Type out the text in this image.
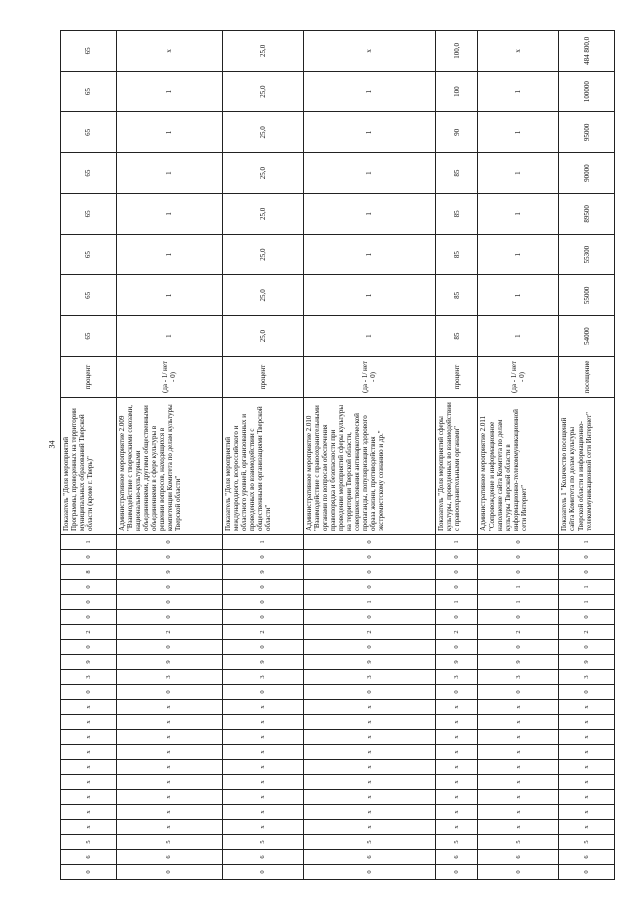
34
0	6	5	x	x	x	x	x	x	x	x	x	0	3	9	0	2	0	0	0	8	0	1	Показатель "Доля мероприятий Программы, проведенных на территории муниципальных образований Тверской области (кроме г. Тверь)"	процент	65	65	65	65	65	65	65	65
0	6	5	x	x	x	x	x	x	x	x	x	0	3	9	0	2	0	0	0	9	0	0	Административное мероприятие 2.009 "Взаимодействие с творческими союзами, национально-культурными объединениями, другими общественными объединениями в сфере культуры в решении вопросов, находящихся в компетенции Комитета по делам культуры Тверской области"	(да - 1/ нет - 0)	1	1	1	1	1	1	1	x
0	6	5	x	x	x	x	x	x	x	x	x	0	3	9	0	2	0	0	0	9	0	1	Показатель "Доля мероприятий международного, всероссийского и областного уровней, организованных и проведенных во взаимодействии с общественными организациями Тверской области"	процент	25,0	25,0	25,0	25,0	25,0	25,0	25,0	25,0
0	6	5	x	x	x	x	x	x	x	x	x	0	3	9	0	2	0	1	0	0	0	0	Административное мероприятие 2.010 "Взаимодействие с правоохранительными органами по вопросам обеспечения правопорядка и безопасности при проведении мероприятий сферы культуры на территории Тверской области, совершенствования антинаркотической пропаганды, популяризации здорового образа жизни, противодействия экстремистскому сознанию и др."	(да - 1/ нет - 0)	1	1	1	1	1	1	1	x
0	6	5	x	x	x	x	x	x	x	x	x	0	3	9	0	2	0	1	0	0	0	1	Показатель "Доля мероприятий сферы культуры, проведенных во взаимодействии с правоохранительными органами"	процент	85	85	85	85	85	90	100	100,0
0	6	5	x	x	x	x	x	x	x	x	x	0	3	9	0	2	0	1	1	0	0	0	Административное мероприятие 2.011 "Сопровождение и информационное наполнение сайта Комитета по делам культуры Тверской области в информационно-телекоммуникационной сети Интернет"	(да - 1/ нет - 0)	1	1	1	1	1	1	1	x
0	6	5	x	x	x	x	x	x	x	x	x	0	3	9	0	2	0	1	1	0	0	1	Показатель 1 "Количество посещений сайта Комитета по делам культуры Тверской области в информационно-телекоммуникационной сети Интернет"	посещение	54000	55000	55300	89500	90000	95000	100000	484 800,0
